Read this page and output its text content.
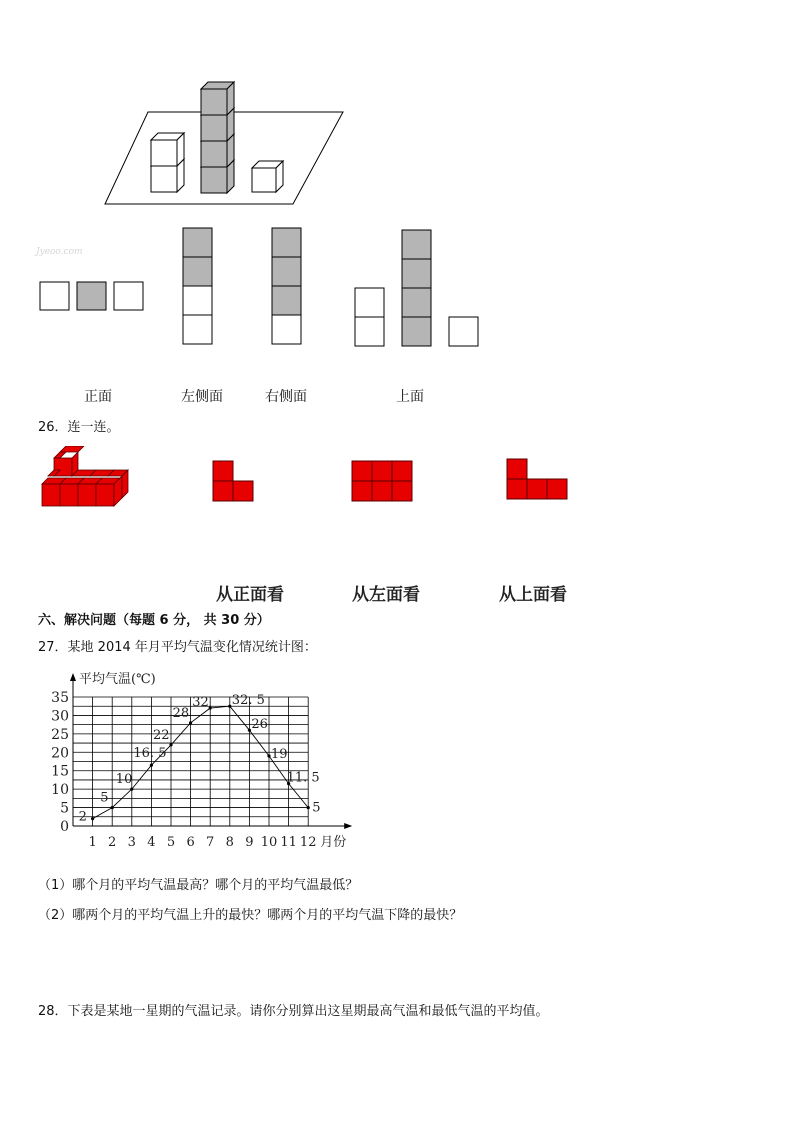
Jyeoo.com
正面	左侧面	右侧面	上面
26．连一连。
从正面看	从左面看	从上面看
六、解决问题（每题 6 分， 共 30 分）
27．某地 2014 年月平均气温变化情况统计图：
0
5
10
15
20
25
30
35
1 2 3 4 5 6 7 8 9 10 11 12
2
5
10
16. 5
22
28
32 32. 5
26
19
11. 5
5
平均气温(℃)
月份
（1）哪个月的平均气温最高？哪个月的平均气温最低？
（2）哪两个月的平均气温上升的最快？哪两个月的平均气温下降的最快？
28．下表是某地一星期的气温记录。请你分别算出这星期最高气温和最低气温的平均值。
